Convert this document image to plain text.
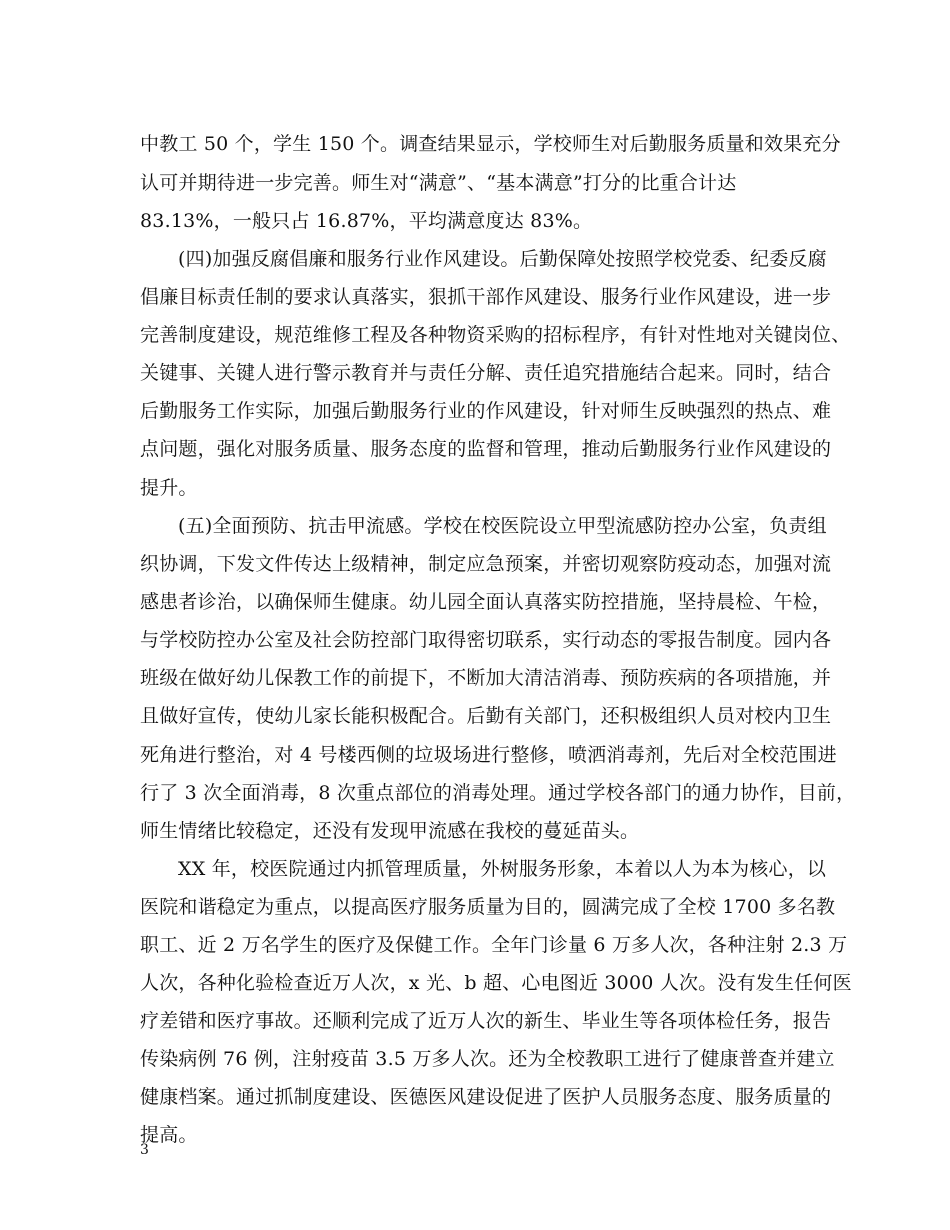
中教工 50 个，学生 150 个。调查结果显示，学校师生对后勤服务质量和效果充分
认可并期待进一步完善。师生对“满意”、“基本满意”打分的比重合计达
83.13%，一般只占 16.87%，平均满意度达 83%。
(四)加强反腐倡廉和服务行业作风建设。后勤保障处按照学校党委、纪委反腐
倡廉目标责任制的要求认真落实，狠抓干部作风建设、服务行业作风建设，进一步
完善制度建设，规范维修工程及各种物资采购的招标程序，有针对性地对关键岗位、
关键事、关键人进行警示教育并与责任分解、责任追究措施结合起来。同时，结合
后勤服务工作实际，加强后勤服务行业的作风建设，针对师生反映强烈的热点、难
点问题，强化对服务质量、服务态度的监督和管理，推动后勤服务行业作风建设的
提升。
(五)全面预防、抗击甲流感。学校在校医院设立甲型流感防控办公室，负责组
织协调，下发文件传达上级精神，制定应急预案，并密切观察防疫动态，加强对流
感患者诊治，以确保师生健康。幼儿园全面认真落实防控措施，坚持晨检、午检，
与学校防控办公室及社会防控部门取得密切联系，实行动态的零报告制度。园内各
班级在做好幼儿保教工作的前提下，不断加大清洁消毒、预防疾病的各项措施，并
且做好宣传，使幼儿家长能积极配合。后勤有关部门，还积极组织人员对校内卫生
死角进行整治，对 4 号楼西侧的垃圾场进行整修，喷洒消毒剂，先后对全校范围进
行了 3 次全面消毒，8 次重点部位的消毒处理。通过学校各部门的通力协作，目前，
师生情绪比较稳定，还没有发现甲流感在我校的蔓延苗头。
XX 年，校医院通过内抓管理质量，外树服务形象，本着以人为本为核心，以
医院和谐稳定为重点，以提高医疗服务质量为目的，圆满完成了全校 1700 多名教
职工、近 2 万名学生的医疗及保健工作。全年门诊量 6 万多人次，各种注射 2.3 万
人次，各种化验检查近万人次，x 光、b 超、心电图近 3000 人次。没有发生任何医
疗差错和医疗事故。还顺利完成了近万人次的新生、毕业生等各项体检任务，报告
传染病例 76 例，注射疫苗 3.5 万多人次。还为全校教职工进行了健康普查并建立
健康档案。通过抓制度建设、医德医风建设促进了医护人员服务态度、服务质量的
提高。
3
